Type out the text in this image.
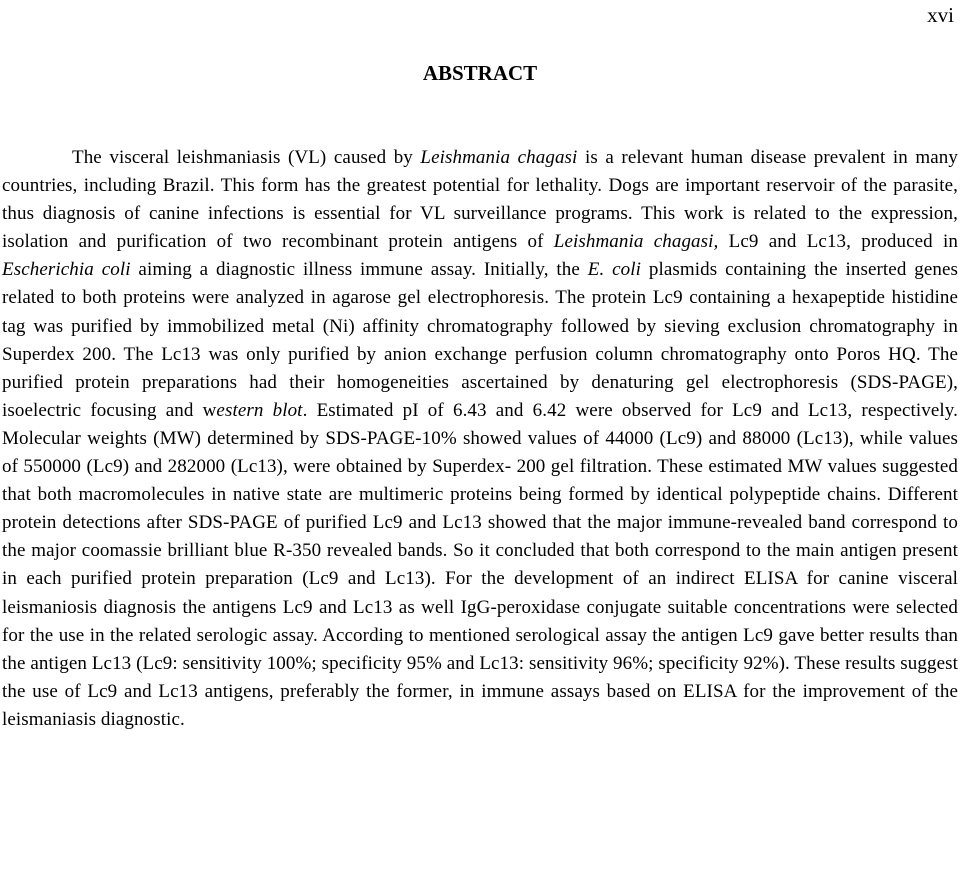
xvi
ABSTRACT

The visceral leishmaniasis (VL) caused by Leishmania chagasi is a relevant human disease prevalent in many countries, including Brazil. This form has the greatest potential for lethality. Dogs are important reservoir of the parasite, thus diagnosis of canine infections is essential for VL surveillance programs. This work is related to the expression, isolation and purification of two recombinant protein antigens of Leishmania chagasi, Lc9 and Lc13, produced in Escherichia coli aiming a diagnostic illness immune assay. Initially, the E. coli plasmids containing the inserted genes related to both proteins were analyzed in agarose gel electrophoresis. The protein Lc9 containing a hexapeptide histidine tag was purified by immobilized metal (Ni) affinity chromatography followed by sieving exclusion chromatography in Superdex 200. The Lc13 was only purified by anion exchange perfusion column chromatography onto Poros HQ. The purified protein preparations had their homogeneities ascertained by denaturing gel electrophoresis (SDS-PAGE), isoelectric focusing and western blot. Estimated pI of 6.43 and 6.42 were observed for Lc9 and Lc13, respectively. Molecular weights (MW) determined by SDS-PAGE-10% showed values of 44000 (Lc9) and 88000 (Lc13), while values of 550000 (Lc9) and 282000 (Lc13), were obtained by Superdex- 200 gel filtration. These estimated MW values suggested that both macromolecules in native state are multimeric proteins being formed by identical polypeptide chains. Different protein detections after SDS-PAGE of purified Lc9 and Lc13 showed that the major immune-revealed band correspond to the major coomassie brilliant blue R-350 revealed bands. So it concluded that both correspond to the main antigen present in each purified protein preparation (Lc9 and Lc13). For the development of an indirect ELISA for canine visceral leismaniosis diagnosis the antigens Lc9 and Lc13 as well IgG-peroxidase conjugate suitable concentrations were selected for the use in the related serologic assay. According to mentioned serological assay the antigen Lc9 gave better results than the antigen Lc13 (Lc9: sensitivity 100%; specificity 95% and Lc13: sensitivity 96%; specificity 92%). These results suggest the use of Lc9 and Lc13 antigens, preferably the former, in immune assays based on ELISA for the improvement of the leismaniasis diagnostic.
